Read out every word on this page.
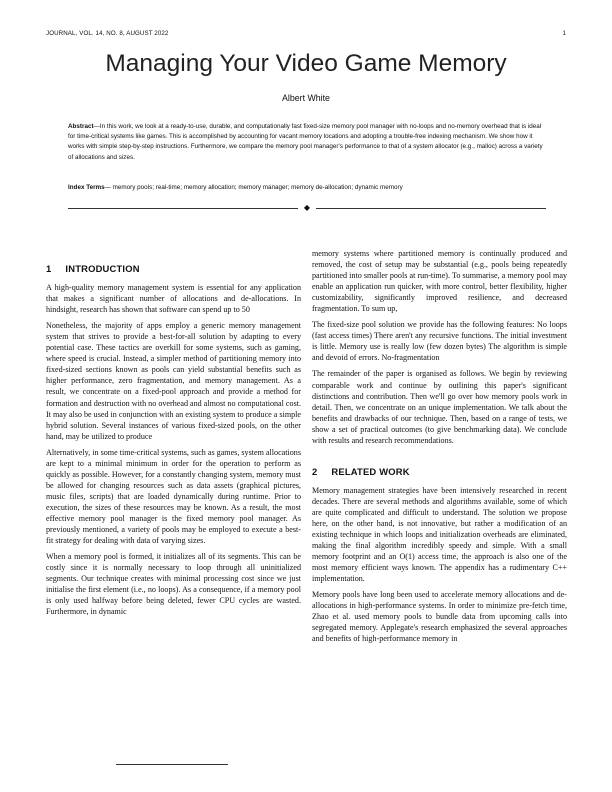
JOURNAL, VOL. 14, NO. 8, AUGUST 2022	1
Managing Your Video Game Memory
Albert White

Abstract—In this work, we look at a ready-to-use, durable, and computationally fast fixed-size memory pool manager with no-loops and no-memory overhead that is ideal for time-critical systems like games. This is accomplished by accounting for vacant memory locations and adopting a trouble-free indexing mechanism. We show how it works with simple step-by-step instructions. Furthermore, we compare the memory pool manager's performance to that of a system allocator (e.g., malloc) across a variety of allocations and sizes.

Index Terms— memory pools; real-time; memory allocation; memory manager; memory de-allocation; dynamic memory

◆
1 INTRODUCTION

A high-quality memory management system is essential for any application that makes a significant number of allocations and de-allocations. In hindsight, research has shown that software can spend up to 50

Nonetheless, the majority of apps employ a generic memory management system that strives to provide a best-for-all solution by adapting to every potential case. These tactics are overkill for some systems, such as gaming, where speed is crucial. Instead, a simpler method of partitioning memory into fixed-sized sections known as pools can yield substantial benefits such as higher performance, zero fragmentation, and memory management. As a result, we concentrate on a fixed-pool approach and provide a method for formation and destruction with no overhead and almost no computational cost. It may also be used in conjunction with an existing system to produce a simple hybrid solution. Several instances of various fixed-sized pools, on the other hand, may be utilized to produce

Alternatively, in some time-critical systems, such as games, system allocations are kept to a minimal minimum in order for the operation to perform as quickly as possible. However, for a constantly changing system, memory must be allowed for changing resources such as data assets (graphical pictures, music files, scripts) that are loaded dynamically during runtime. Prior to execution, the sizes of these resources may be known. As a result, the most effective memory pool manager is the fixed memory pool manager. As previously mentioned, a variety of pools may be employed to execute a best-fit strategy for dealing with data of varying sizes.

When a memory pool is formed, it initializes all of its segments. This can be costly since it is normally necessary to loop through all uninitialized segments. Our technique creates with minimal processing cost since we just initialise the first element (i.e., no loops). As a consequence, if a memory pool is only used halfway before being deleted, fewer CPU cycles are wasted. Furthermore, in dynamic

memory systems where partitioned memory is continually produced and removed, the cost of setup may be substantial (e.g., pools being repeatedly partitioned into smaller pools at run-time). To summarise, a memory pool may enable an application run quicker, with more control, better flexibility, higher customizability, significantly improved resilience, and decreased fragmentation. To sum up,

The fixed-size pool solution we provide has the following features: No loops (fast access times) There aren't any recursive functions. The initial investment is little. Memory use is really low (few dozen bytes) The algorithm is simple and devoid of errors. No-fragmentation

The remainder of the paper is organised as follows. We begin by reviewing comparable work and continue by outlining this paper's significant distinctions and contribution. Then we'll go over how memory pools work in detail. Then, we concentrate on an unique implementation. We talk about the benefits and drawbacks of our technique. Then, based on a range of tests, we show a set of practical outcomes (to give benchmarking data). We conclude with results and research recommendations.

2 RELATED WORK

Memory management strategies have been intensively researched in recent decades. There are several methods and algorithms available, some of which are quite complicated and difficult to understand. The solution we propose here, on the other hand, is not innovative, but rather a modification of an existing technique in which loops and initialization overheads are eliminated, making the final algorithm incredibly speedy and simple. With a small memory footprint and an O(1) access time, the approach is also one of the most memory efficient ways known. The appendix has a rudimentary C++ implementation.

Memory pools have long been used to accelerate memory allocations and de-allocations in high-performance systems. In order to minimize pre-fetch time, Zhao et al. used memory pools to bundle data from upcoming calls into segregated memory. Applegate's research emphasized the several approaches and benefits of high-performance memory in
